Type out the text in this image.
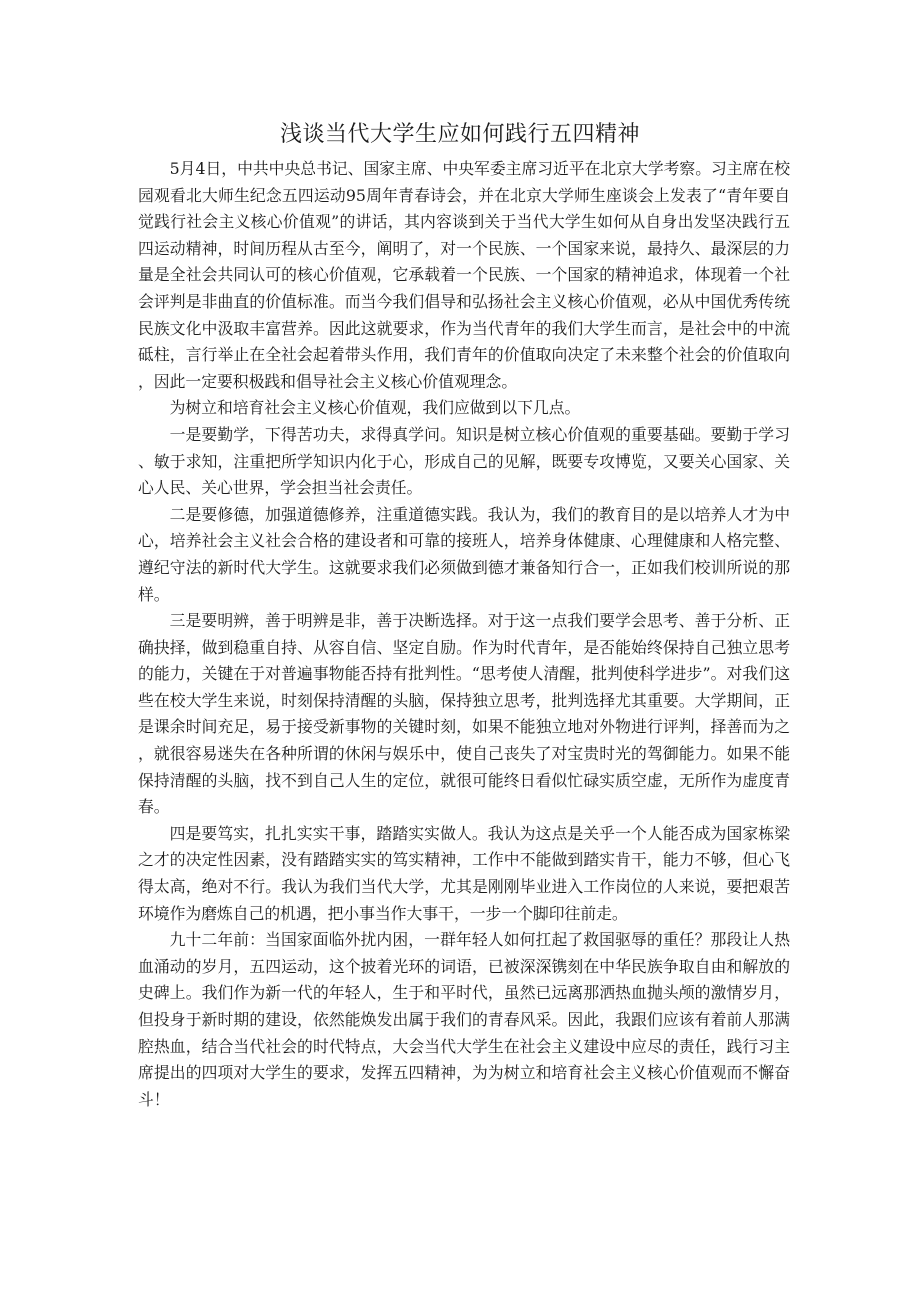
浅谈当代大学生应如何践行五四精神

5月4日，中共中央总书记、国家主席、中央军委主席习近平在北京大学考察。习主席在校园观看北大师生纪念五四运动95周年青春诗会，并在北京大学师生座谈会上发表了“青年要自觉践行社会主义核心价值观”的讲话，其内容谈到关于当代大学生如何从自身出发坚决践行五四运动精神，时间历程从古至今，阐明了，对一个民族、一个国家来说，最持久、最深层的力量是全社会共同认可的核心价值观，它承载着一个民族、一个国家的精神追求，体现着一个社会评判是非曲直的价值标准。而当今我们倡导和弘扬社会主义核心价值观，必从中国优秀传统民族文化中汲取丰富营养。因此这就要求，作为当代青年的我们大学生而言，是社会中的中流砥柱，言行举止在全社会起着带头作用，我们青年的价值取向决定了未来整个社会的价值取向，因此一定要积极践和倡导社会主义核心价值观理念。

为树立和培育社会主义核心价值观，我们应做到以下几点。

一是要勤学，下得苦功夫，求得真学问。知识是树立核心价值观的重要基础。要勤于学习、敏于求知，注重把所学知识内化于心，形成自己的见解，既要专攻博览，又要关心国家、关心人民、关心世界，学会担当社会责任。

二是要修德，加强道德修养，注重道德实践。我认为，我们的教育目的是以培养人才为中心，培养社会主义社会合格的建设者和可靠的接班人，培养身体健康、心理健康和人格完整、遵纪守法的新时代大学生。这就要求我们必须做到德才兼备知行合一，正如我们校训所说的那样。

三是要明辨，善于明辨是非，善于决断选择。对于这一点我们要学会思考、善于分析、正确抉择，做到稳重自持、从容自信、坚定自励。作为时代青年，是否能始终保持自己独立思考的能力，关键在于对普遍事物能否持有批判性。“思考使人清醒，批判使科学进步”。对我们这些在校大学生来说，时刻保持清醒的头脑，保持独立思考，批判选择尤其重要。大学期间，正是课余时间充足，易于接受新事物的关键时刻，如果不能独立地对外物进行评判，择善而为之，就很容易迷失在各种所谓的休闲与娱乐中，使自己丧失了对宝贵时光的驾御能力。如果不能保持清醒的头脑，找不到自己人生的定位，就很可能终日看似忙碌实质空虚，无所作为虚度青春。

四是要笃实，扎扎实实干事，踏踏实实做人。我认为这点是关乎一个人能否成为国家栋梁之才的决定性因素，没有踏踏实实的笃实精神，工作中不能做到踏实肯干，能力不够，但心飞得太高，绝对不行。我认为我们当代大学，尤其是刚刚毕业进入工作岗位的人来说，要把艰苦环境作为磨炼自己的机遇，把小事当作大事干，一步一个脚印往前走。

九十二年前：当国家面临外扰内困，一群年轻人如何扛起了救国驱辱的重任？那段让人热血涌动的岁月，五四运动，这个披着光环的词语，已被深深镌刻在中华民族争取自由和解放的史碑上。我们作为新一代的年轻人，生于和平时代，虽然已远离那洒热血抛头颅的激情岁月，但投身于新时期的建设，依然能焕发出属于我们的青春风采。因此，我跟们应该有着前人那满腔热血，结合当代社会的时代特点，大会当代大学生在社会主义建设中应尽的责任，践行习主席提出的四项对大学生的要求，发挥五四精神，为为树立和培育社会主义核心价值观而不懈奋斗！
